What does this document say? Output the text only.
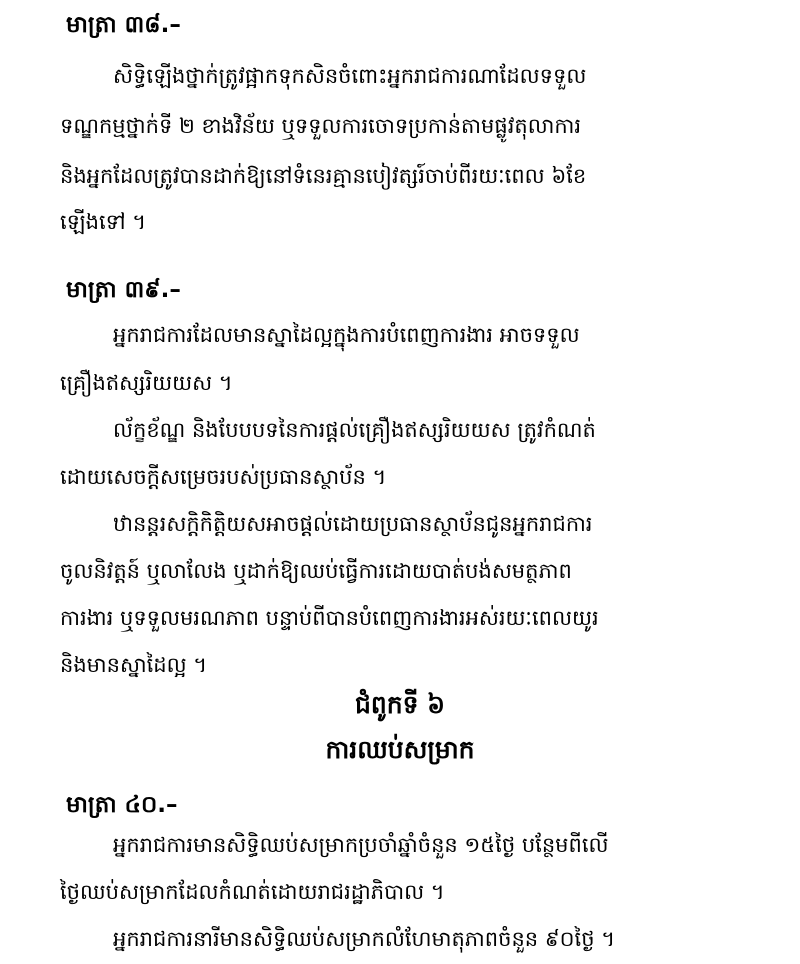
មាត្រា ៣៨.–
សិទ្ធិឡើងថ្នាក់ត្រូវផ្អាកទុកសិនចំពោះអ្នករាជការណាដែលទទួល
ទណ្ឌកម្មថ្នាក់ទី ២ ខាងវិន័យ ឬទទួលការចោទប្រកាន់តាមផ្លូវតុលាការ
និងអ្នកដែលត្រូវបានដាក់ឱ្យនៅទំនេរគ្មានបៀវត្សរ៍ចាប់ពីរយៈពេល ៦ខែ
ឡើងទៅ ។
មាត្រា ៣៩.–
អ្នករាជការដែលមានស្នាដៃល្អក្នុងការបំពេញការងារ អាចទទួល
គ្រឿងឥស្សរិយយស ។
ល័ក្ខខ័ណ្ឌ និងបែបបទនៃការផ្តល់គ្រឿងឥស្សរិយយស ត្រូវកំណត់
ដោយសេចក្តីសម្រេចរបស់ប្រធានស្ថាប័ន ។
ឋានន្តរសក្តិកិត្តិយសអាចផ្តល់ដោយប្រធានស្ថាប័នជូនអ្នករាជការ
ចូលនិវត្តន៍ ឬលាលែង ឬដាក់ឱ្យឈប់ធ្វើការដោយបាត់បង់សមត្ថភាព
ការងារ ឬទទួលមរណភាព បន្ទាប់ពីបានបំពេញការងារអស់រយៈពេលយូរ
និងមានស្នាដៃល្អ ។
ជំពូកទី ៦
ការឈប់សម្រាក
មាត្រា ៤០.–
អ្នករាជការមានសិទ្ធិឈប់សម្រាកប្រចាំឆ្នាំចំនួន ១៥ថ្ងៃ បន្ថែមពីលើ
ថ្ងៃឈប់សម្រាកដែលកំណត់ដោយរាជរដ្ឋាភិបាល ។
អ្នករាជការនារីមានសិទ្ធិឈប់សម្រាកលំហែមាតុភាពចំនួន ៩០ថ្ងៃ ។
